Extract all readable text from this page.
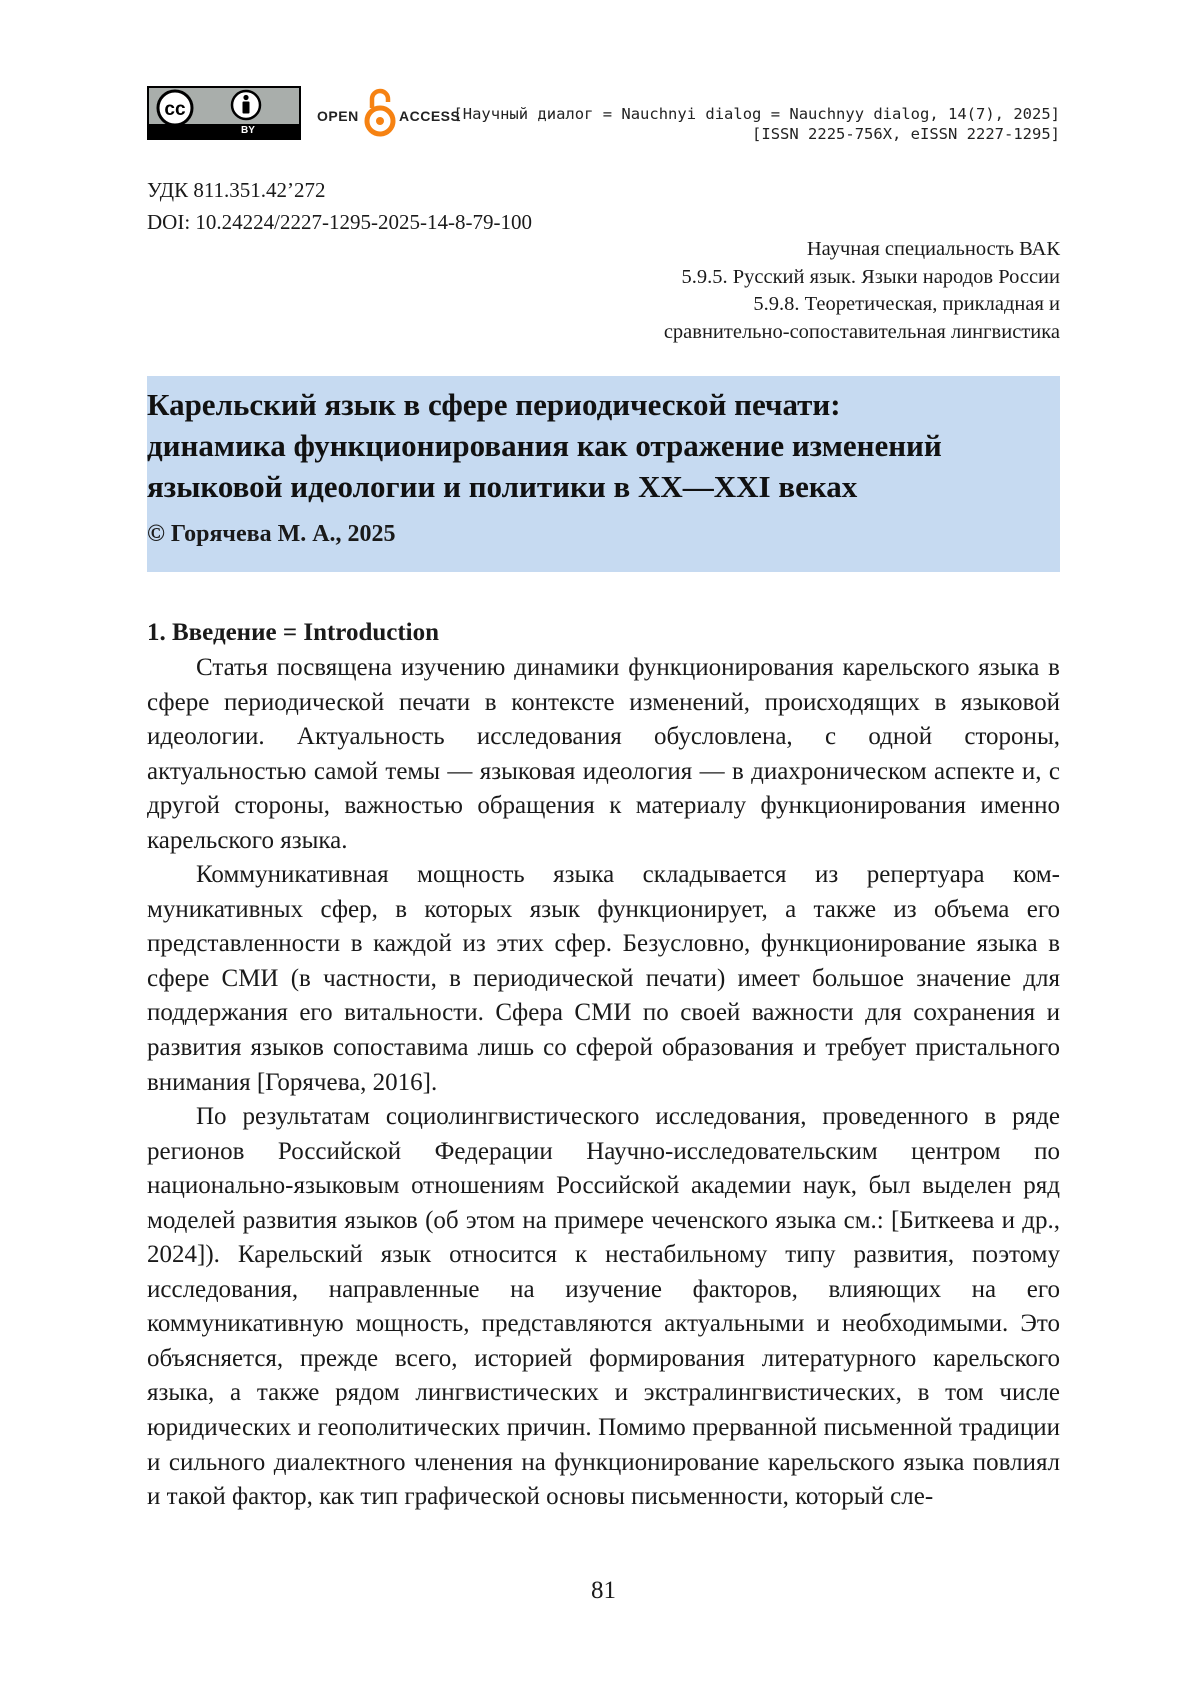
cc
BY
OPEN	ACCESS
[Научный диалог = Nauchnyi dialog = Nauchnyy dialog, 14(7), 2025]
[ISSN 2225-756X, eISSN 2227-1295]
УДК 811.351.42’272
DOI: 10.24224/2227-1295-2025-14-8-79-100
Научная специальность ВАК
5.9.5. Русский язык. Языки народов России
5.9.8. Теоретическая, прикладная и
сравнительно-сопоставительная лингвистика
Карельский язык в сфере периодической печати:
динамика функционирования как отражение изменений
языковой идеологии и политики в XX—XXI веках
© Горячева М. А., 2025
1. Введение = Introduction

Статья посвящена изучению динамики функционирования карельского языка в сфере периодической печати в контексте изменений, происходящих в языковой идеологии. Актуальность исследования обусловлена, с одной стороны, актуальностью самой темы — языковая идеология — в диахроническом аспекте и, с другой стороны, важностью обращения к материалу функционирования именно карельского языка.

Коммуникативная мощность языка складывается из репертуара коммуникативных сфер, в которых язык функционирует, а также из объема его представленности в каждой из этих сфер. Безусловно, функционирование языка в сфере СМИ (в частности, в периодической печати) имеет большое значение для поддержания его витальности. Сфера СМИ по своей важности для сохранения и развития языков сопоставима лишь со сферой образования и требует пристального внимания [Горячева, 2016].

По результатам социолингвистического исследования, проведенного в ряде регионов Российской Федерации Научно-исследовательским центром по национально-языковым отношениям Российской академии наук, был выделен ряд моделей развития языков (об этом на примере чеченского языка см.: [Биткеева и др., 2024]). Карельский язык относится к нестабильному типу развития, поэтому исследования, направленные на изучение факторов, влияющих на его коммуникативную мощность, представляются актуальными и необходимыми. Это объясняется, прежде всего, историей формирования литературного карельского языка, а также рядом лингвистических и экстралингвистических, в том числе юридических и геополитических причин. Помимо прерванной письменной традиции и сильного диалектного членения на функционирование карельского языка повлиял и такой фактор, как тип графической основы письменности, который сле-

81
